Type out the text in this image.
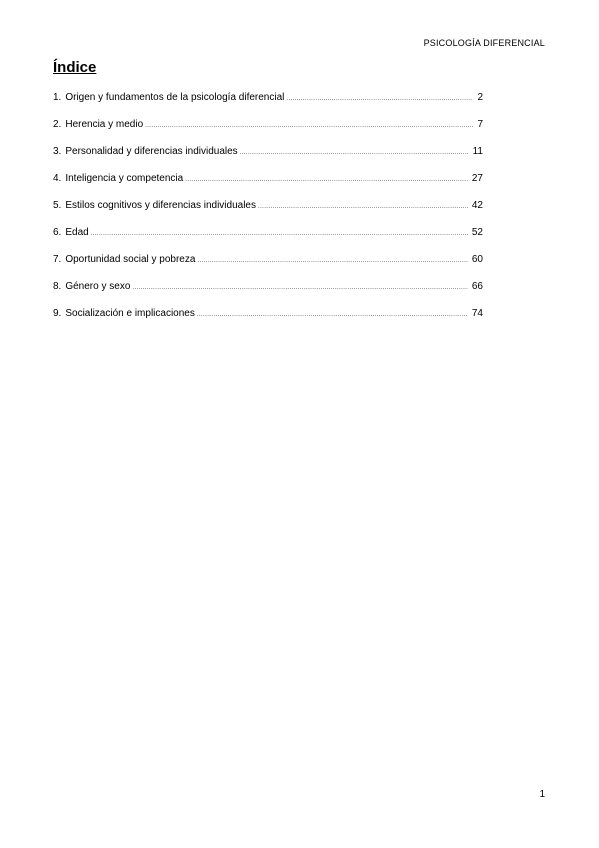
PSICOLOGÍA DIFERENCIAL
Índice
1. Origen y fundamentos de la psicología diferencial .....	2
2. Herencia y medio .....	7
3. Personalidad y diferencias individuales .....	11
4. Inteligencia y competencia .....	27
5. Estilos cognitivos y diferencias individuales .....	42
6. Edad .....	52
7. Oportunidad social y pobreza .....	60
8. Género y sexo .....	66
9. Socialización e implicaciones .....	74
1
